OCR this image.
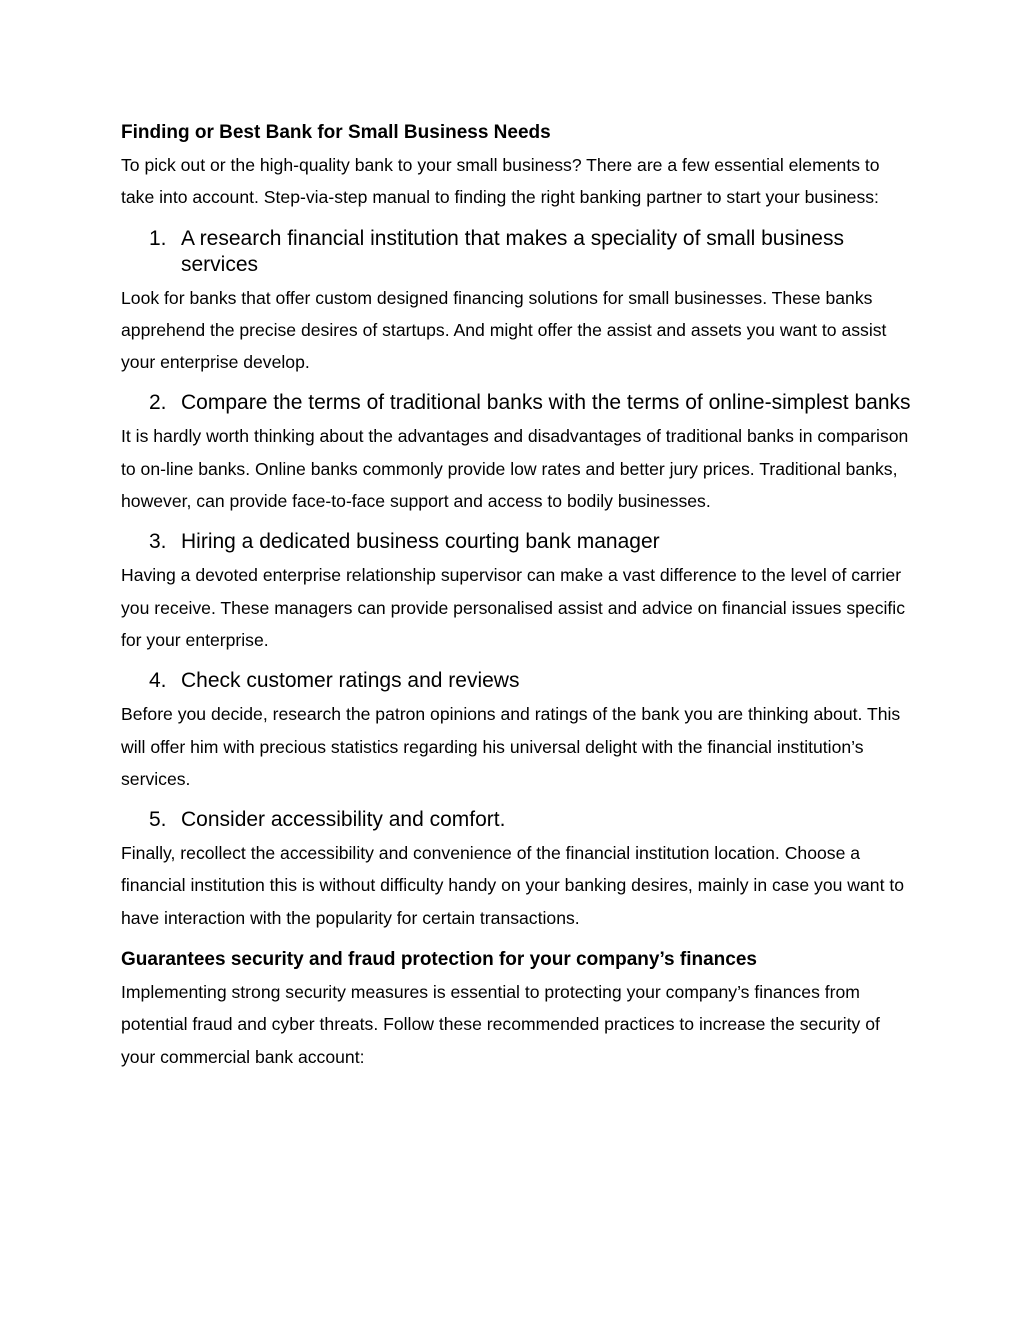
Finding or Best Bank for Small Business Needs

To pick out or the high-quality bank to your small business? There are a few essential elements to take into account. Step-via-step manual to finding the right banking partner to start your business:

1. A research financial institution that makes a speciality of small business services

Look for banks that offer custom designed financing solutions for small businesses. These banks apprehend the precise desires of startups. And might offer the assist and assets you want to assist your enterprise develop.

2. Compare the terms of traditional banks with the terms of online-simplest banks

It is hardly worth thinking about the advantages and disadvantages of traditional banks in comparison to on-line banks. Online banks commonly provide low rates and better jury prices. Traditional banks, however, can provide face-to-face support and access to bodily businesses.

3. Hiring a dedicated business courting bank manager

Having a devoted enterprise relationship supervisor can make a vast difference to the level of carrier you receive. These managers can provide personalised assist and advice on financial issues specific for your enterprise.

4. Check customer ratings and reviews

Before you decide, research the patron opinions and ratings of the bank you are thinking about. This will offer him with precious statistics regarding his universal delight with the financial institution’s services.

5. Consider accessibility and comfort.

Finally, recollect the accessibility and convenience of the financial institution location. Choose a financial institution this is without difficulty handy on your banking desires, mainly in case you want to have interaction with the popularity for certain transactions.

Guarantees security and fraud protection for your company’s finances

Implementing strong security measures is essential to protecting your company’s finances from potential fraud and cyber threats. Follow these recommended practices to increase the security of your commercial bank account:
